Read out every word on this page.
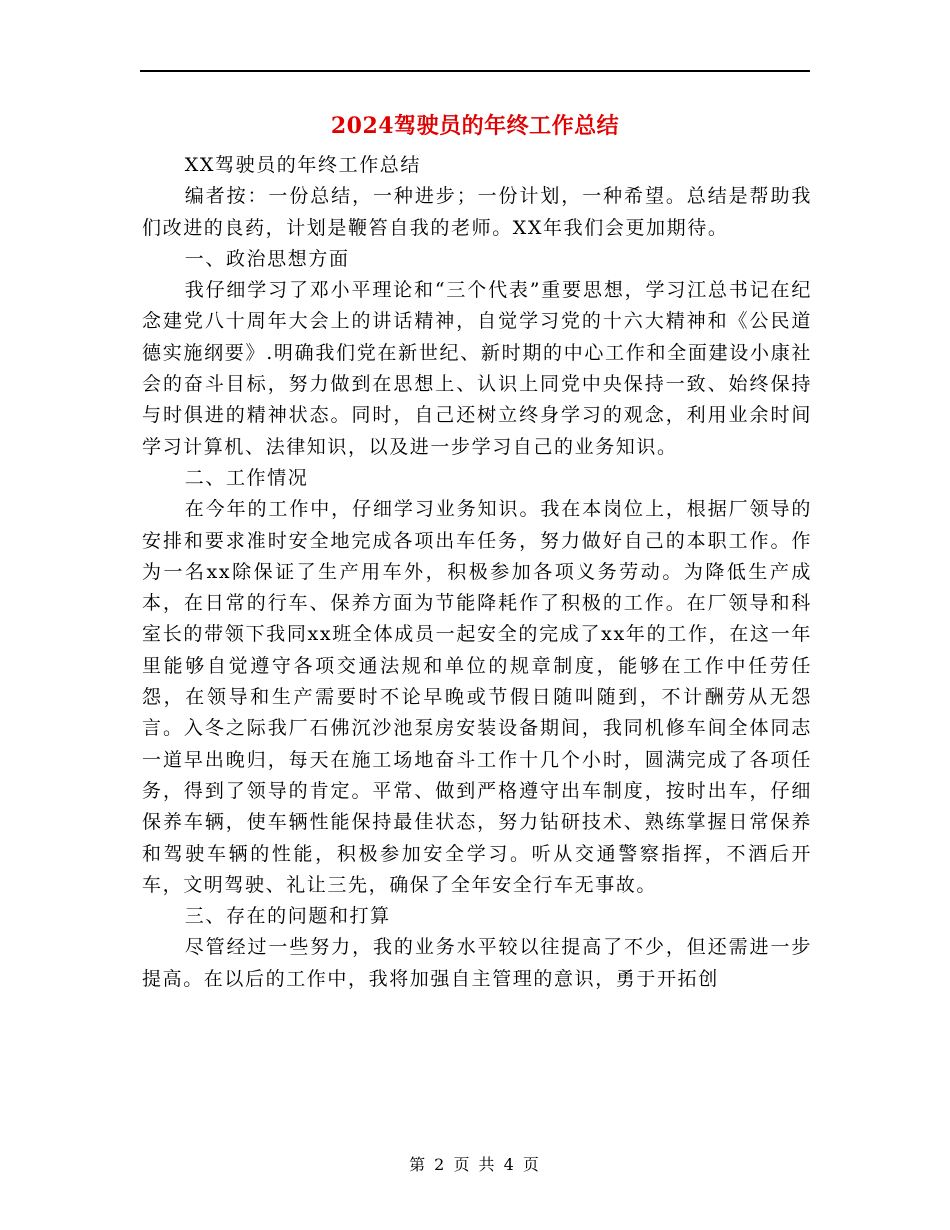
2024驾驶员的年终工作总结

XX驾驶员的年终工作总结

编者按：一份总结，一种进步；一份计划，一种希望。总结是帮助我们改进的良药，计划是鞭笞自我的老师。XX年我们会更加期待。

一、政治思想方面

我仔细学习了邓小平理论和“三个代表”重要思想，学习江总书记在纪念建党八十周年大会上的讲话精神，自觉学习党的十六大精神和《公民道德实施纲要》.明确我们党在新世纪、新时期的中心工作和全面建设小康社会的奋斗目标，努力做到在思想上、认识上同党中央保持一致、始终保持与时俱进的精神状态。同时，自己还树立终身学习的观念，利用业余时间学习计算机、法律知识，以及进一步学习自己的业务知识。

二、工作情况

在今年的工作中，仔细学习业务知识。我在本岗位上，根据厂领导的安排和要求准时安全地完成各项出车任务，努力做好自己的本职工作。作为一名xx除保证了生产用车外，积极参加各项义务劳动。为降低生产成本，在日常的行车、保养方面为节能降耗作了积极的工作。在厂领导和科室长的带领下我同xx班全体成员一起安全的完成了xx年的工作，在这一年里能够自觉遵守各项交通法规和单位的规章制度，能够在工作中任劳任怨，在领导和生产需要时不论早晚或节假日随叫随到，不计酬劳从无怨言。入冬之际我厂石佛沉沙池泵房安装设备期间，我同机修车间全体同志一道早出晚归，每天在施工场地奋斗工作十几个小时，圆满完成了各项任务，得到了领导的肯定。平常、做到严格遵守出车制度，按时出车，仔细保养车辆，使车辆性能保持最佳状态，努力钻研技术、熟练掌握日常保养和驾驶车辆的性能，积极参加安全学习。听从交通警察指挥，不酒后开车，文明驾驶、礼让三先，确保了全年安全行车无事故。

三、存在的问题和打算

尽管经过一些努力，我的业务水平较以往提高了不少，但还需进一步提高。在以后的工作中，我将加强自主管理的意识，勇于开拓创

第 2 页 共 4 页
